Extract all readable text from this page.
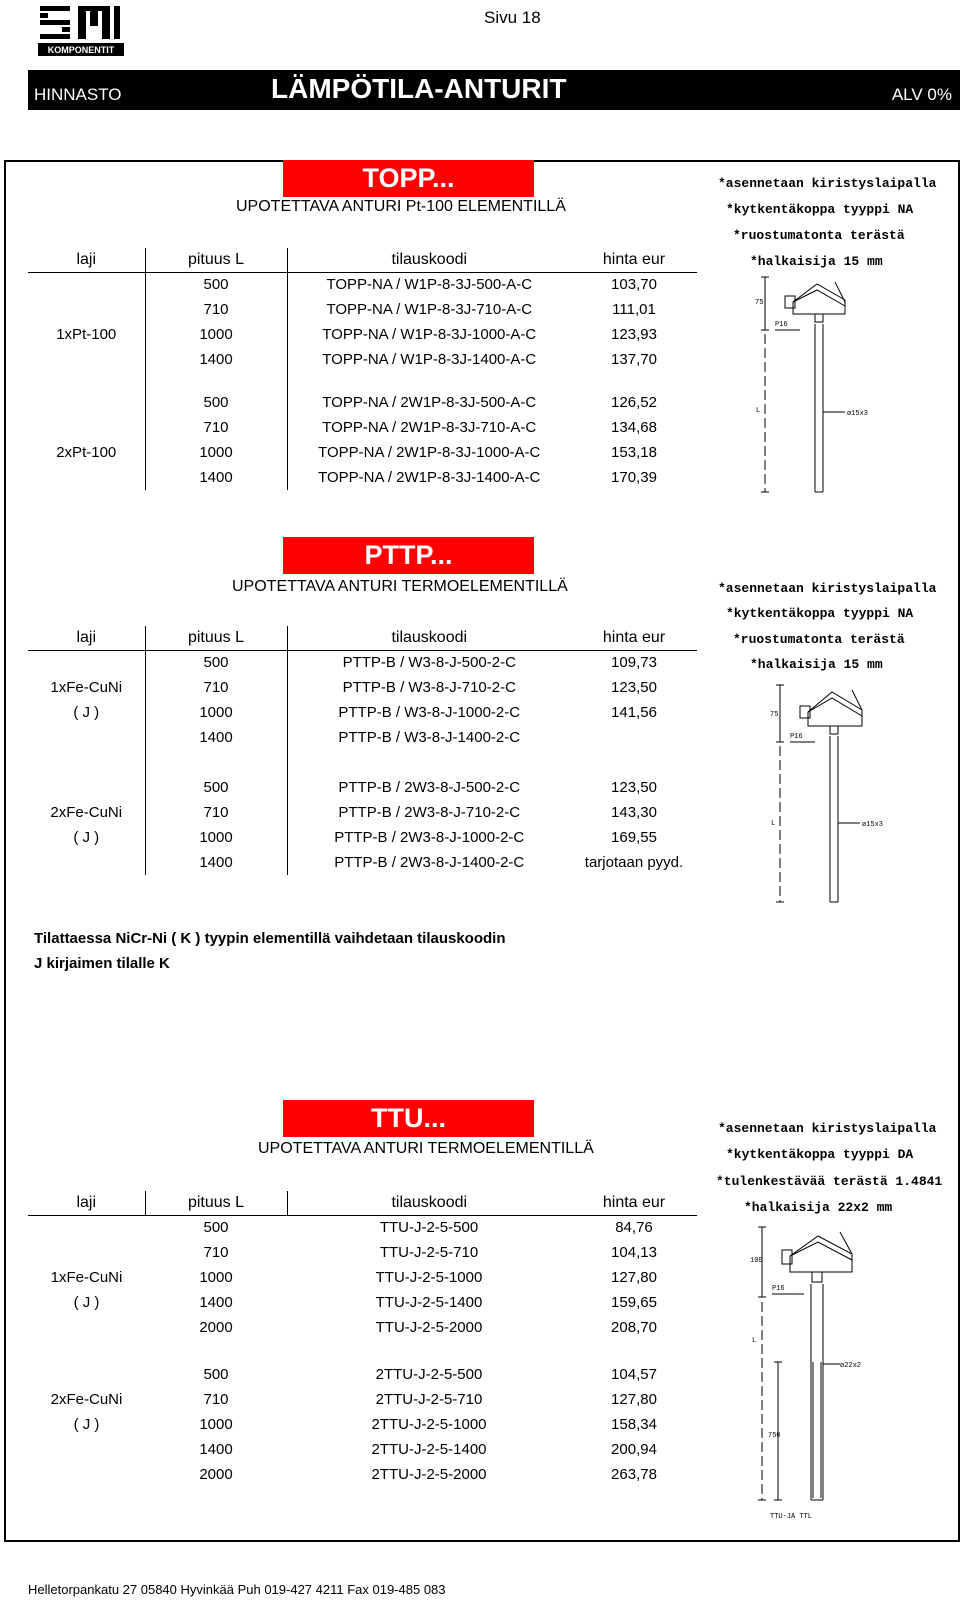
KOMPONENTIT
Sivu 18
HINNASTO	LÄMPÖTILA-ANTURIT	ALV 0%
TOPP...
UPOTETTAVA ANTURI Pt-100 ELEMENTILLÄ
*asennetaan kiristyslaipalla
*kytkentäkoppa tyyppi NA
*ruostumatonta terästä
*halkaisija 15 mm
laji	pituus L	tilauskoodi	hinta eur
	500	TOPP-NA / W1P-8-3J-500-A-C	103,70
	710	TOPP-NA / W1P-8-3J-710-A-C	111,01
1xPt-100	1000	TOPP-NA / W1P-8-3J-1000-A-C	123,93
	1400	TOPP-NA / W1P-8-3J-1400-A-C	137,70

	500	TOPP-NA / 2W1P-8-3J-500-A-C	126,52
	710	TOPP-NA / 2W1P-8-3J-710-A-C	134,68
2xPt-100	1000	TOPP-NA / 2W1P-8-3J-1000-A-C	153,18
	1400	TOPP-NA / 2W1P-8-3J-1400-A-C	170,39
75
P16
L	ø15x3
PTTP...
UPOTETTAVA ANTURI TERMOELEMENTILLÄ	*asennetaan kiristyslaipalla
*kytkentäkoppa tyyppi NA
*ruostumatonta terästä
*halkaisija 15 mm
laji	pituus L	tilauskoodi	hinta eur
	500	PTTP-B / W3-8-J-500-2-C	109,73
1xFe-CuNi	710	PTTP-B / W3-8-J-710-2-C	123,50
( J )	1000	PTTP-B / W3-8-J-1000-2-C	141,56
	1400	PTTP-B / W3-8-J-1400-2-C	

	500	PTTP-B / 2W3-8-J-500-2-C	123,50
2xFe-CuNi	710	PTTP-B / 2W3-8-J-710-2-C	143,30
( J )	1000	PTTP-B / 2W3-8-J-1000-2-C	169,55
	1400	PTTP-B / 2W3-8-J-1400-2-C	tarjotaan pyyd.
75
P16
L	ø15x3
Tilattaessa NiCr-Ni ( K ) tyypin elementillä vaihdetaan tilauskoodin
J kirjaimen tilalle K
TTU...
UPOTETTAVA ANTURI TERMOELEMENTILLÄ
*asennetaan kiristyslaipalla
*kytkentäkoppa tyyppi DA
*tulenkestävää terästä 1.4841
*halkaisija 22x2 mm
laji	pituus L	tilauskoodi	hinta eur
	500	TTU-J-2-5-500	84,76
	710	TTU-J-2-5-710	104,13
1xFe-CuNi	1000	TTU-J-2-5-1000	127,80
( J )	1400	TTU-J-2-5-1400	159,65
	2000	TTU-J-2-5-2000	208,70

	500	2TTU-J-2-5-500	104,57
2xFe-CuNi	710	2TTU-J-2-5-710	127,80
( J )	1000	2TTU-J-2-5-1000	158,34
	1400	2TTU-J-2-5-1400	200,94
	2000	2TTU-J-2-5-2000	263,78
100
P16
L
ø22x2
750
TTU-JA TTL
Helletorpankatu 27 05840 Hyvinkää Puh 019-427 4211 Fax 019-485 083
